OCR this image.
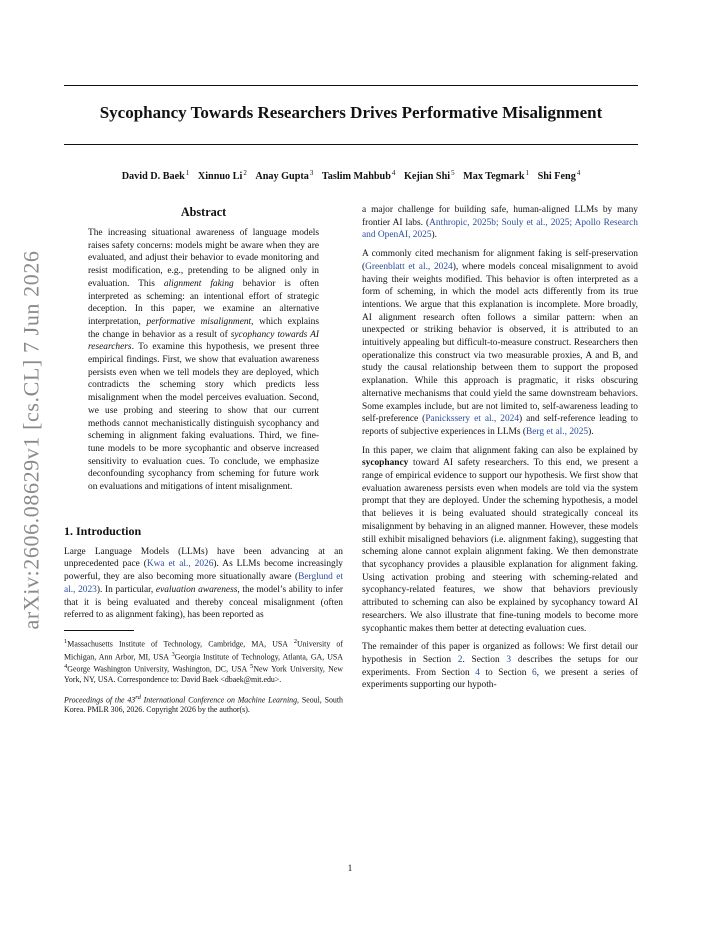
arXiv:2606.08629v1 [cs.CL] 7 Jun 2026
Sycophancy Towards Researchers Drives Performative Misalignment
David D. Baek$^1$ Xinnuo Li$^2$ Anay Gupta$^3$ Taslim Mahbub$^4$ Kejian Shi$^5$ Max Tegmark$^1$ Shi Feng$^4$
Abstract
The increasing situational awareness of language models raises safety concerns: models might be aware when they are evaluated, and adjust their behavior to evade monitoring and resist modification, e.g., pretending to be aligned only in evaluation. This alignment faking behavior is often interpreted as scheming: an intentional effort of strategic deception. In this paper, we examine an alternative interpretation, performative misalignment, which explains the change in behavior as a result of sycophancy towards AI researchers. To examine this hypothesis, we present three empirical findings. First, we show that evaluation awareness persists even when we tell models they are deployed, which contradicts the scheming story which predicts less misalignment when the model perceives evaluation. Second, we use probing and steering to show that our current methods cannot mechanistically distinguish sycophancy and scheming in alignment faking evaluations. Third, we fine-tune models to be more sycophantic and observe increased sensitivity to evaluation cues. To conclude, we emphasize deconfounding sycophancy from scheming for future work on evaluations and mitigations of intent misalignment.
1. Introduction

Large Language Models (LLMs) have been advancing at an unprecedented pace (Kwa et al., 2026). As LLMs become increasingly powerful, they are also becoming more situationally aware (Berglund et al., 2023). In particular, evaluation awareness, the model’s ability to infer that it is being evaluated and thereby conceal misalignment (often referred to as alignment faking), has been reported as

$^1$Massachusetts Institute of Technology, Cambridge, MA, USA $^2$University of Michigan, Ann Arbor, MI, USA $^3$Georgia Institute of Technology, Atlanta, GA, USA $^4$George Washington University, Washington, DC, USA $^5$New York University, New York, NY, USA. Correspondence to: David Baek <dbaek@mit.edu>.

Proceedings of the 43rd International Conference on Machine Learning, Seoul, South Korea. PMLR 306, 2026. Copyright 2026 by the author(s).

a major challenge for building safe, human-aligned LLMs by many frontier AI labs. (Anthropic, 2025b; Souly et al., 2025; Apollo Research and OpenAI, 2025).

A commonly cited mechanism for alignment faking is self-preservation (Greenblatt et al., 2024), where models conceal misalignment to avoid having their weights modified. This behavior is often interpreted as a form of scheming, in which the model acts differently from its true intentions. We argue that this explanation is incomplete. More broadly, AI alignment research often follows a similar pattern: when an unexpected or striking behavior is observed, it is attributed to an intuitively appealing but difficult-to-measure construct. Researchers then operationalize this construct via two measurable proxies, A and B, and study the causal relationship between them to support the proposed explanation. While this approach is pragmatic, it risks obscuring alternative mechanisms that could yield the same downstream behaviors. Some examples include, but are not limited to, self-awareness leading to self-preference (Panickssery et al., 2024) and self-reference leading to reports of subjective experiences in LLMs (Berg et al., 2025).

In this paper, we claim that alignment faking can also be explained by sycophancy toward AI safety researchers. To this end, we present a range of empirical evidence to support our hypothesis. We first show that evaluation awareness persists even when models are told via the system prompt that they are deployed. Under the scheming hypothesis, a model that believes it is being evaluated should strategically conceal its misalignment by behaving in an aligned manner. However, these models still exhibit misaligned behaviors (i.e. alignment faking), suggesting that scheming alone cannot explain alignment faking. We then demonstrate that sycophancy provides a plausible explanation for alignment faking. Using activation probing and steering with scheming-related and sycophancy-related features, we show that behaviors previously attributed to scheming can also be explained by sycophancy toward AI researchers. We also illustrate that fine-tuning models to become more sycophantic makes them better at detecting evaluation cues.

The remainder of this paper is organized as follows: We first detail our hypothesis in Section 2. Section 3 describes the setups for our experiments. From Section 4 to Section 6, we present a series of experiments supporting our hypoth-

1
